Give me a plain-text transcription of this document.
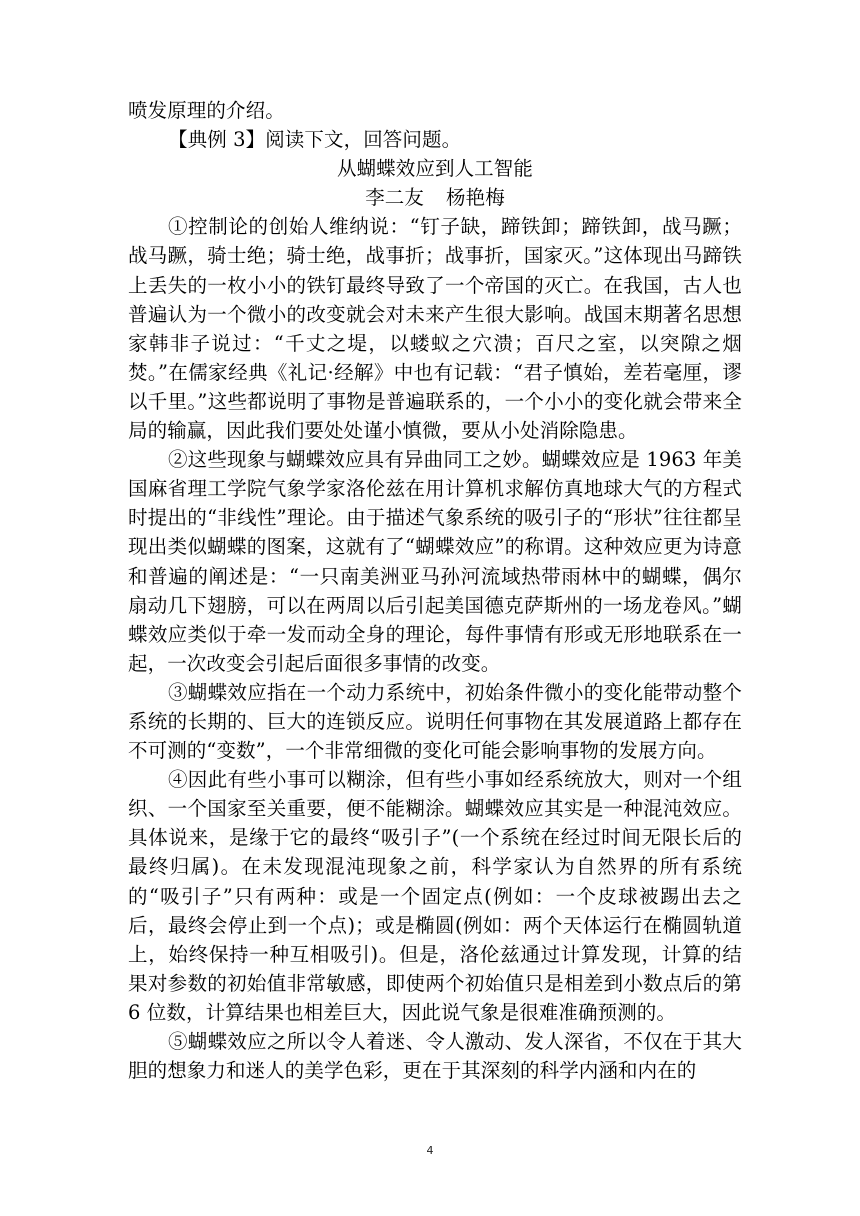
喷发原理的介绍。

【典例 3】阅读下文，回答问题。

从蝴蝶效应到人工智能

李二友 杨艳梅

①控制论的创始人维纳说：“钉子缺，蹄铁卸；蹄铁卸，战马蹶；战马蹶，骑士绝；骑士绝，战事折；战事折，国家灭。”这体现出马蹄铁上丢失的一枚小小的铁钉最终导致了一个帝国的灭亡。在我国，古人也普遍认为一个微小的改变就会对未来产生很大影响。战国末期著名思想家韩非子说过：“千丈之堤，以蝼蚁之穴溃；百尺之室，以突隙之烟焚。”在儒家经典《礼记·经解》中也有记载：“君子慎始，差若毫厘，谬以千里。”这些都说明了事物是普遍联系的，一个小小的变化就会带来全局的输赢，因此我们要处处谨小慎微，要从小处消除隐患。

②这些现象与蝴蝶效应具有异曲同工之妙。蝴蝶效应是 1963 年美国麻省理工学院气象学家洛伦兹在用计算机求解仿真地球大气的方程式时提出的“非线性”理论。由于描述气象系统的吸引子的“形状”往往都呈现出类似蝴蝶的图案，这就有了“蝴蝶效应”的称谓。这种效应更为诗意和普遍的阐述是：“一只南美洲亚马孙河流域热带雨林中的蝴蝶，偶尔扇动几下翅膀，可以在两周以后引起美国德克萨斯州的一场龙卷风。”蝴蝶效应类似于牵一发而动全身的理论，每件事情有形或无形地联系在一起，一次改变会引起后面很多事情的改变。

③蝴蝶效应指在一个动力系统中，初始条件微小的变化能带动整个系统的长期的、巨大的连锁反应。说明任何事物在其发展道路上都存在不可测的“变数”，一个非常细微的变化可能会影响事物的发展方向。

④因此有些小事可以糊涂，但有些小事如经系统放大，则对一个组织、一个国家至关重要，便不能糊涂。蝴蝶效应其实是一种混沌效应。具体说来，是缘于它的最终“吸引子”(一个系统在经过时间无限长后的最终归属)。在未发现混沌现象之前，科学家认为自然界的所有系统的“吸引子”只有两种：或是一个固定点(例如：一个皮球被踢出去之后，最终会停止到一个点)；或是椭圆(例如：两个天体运行在椭圆轨道上，始终保持一种互相吸引)。但是，洛伦兹通过计算发现，计算的结果对参数的初始值非常敏感，即使两个初始值只是相差到小数点后的第 6 位数，计算结果也相差巨大，因此说气象是很难准确预测的。

⑤蝴蝶效应之所以令人着迷、令人激动、发人深省，不仅在于其大胆的想象力和迷人的美学色彩，更在于其深刻的科学内涵和内在的

4
